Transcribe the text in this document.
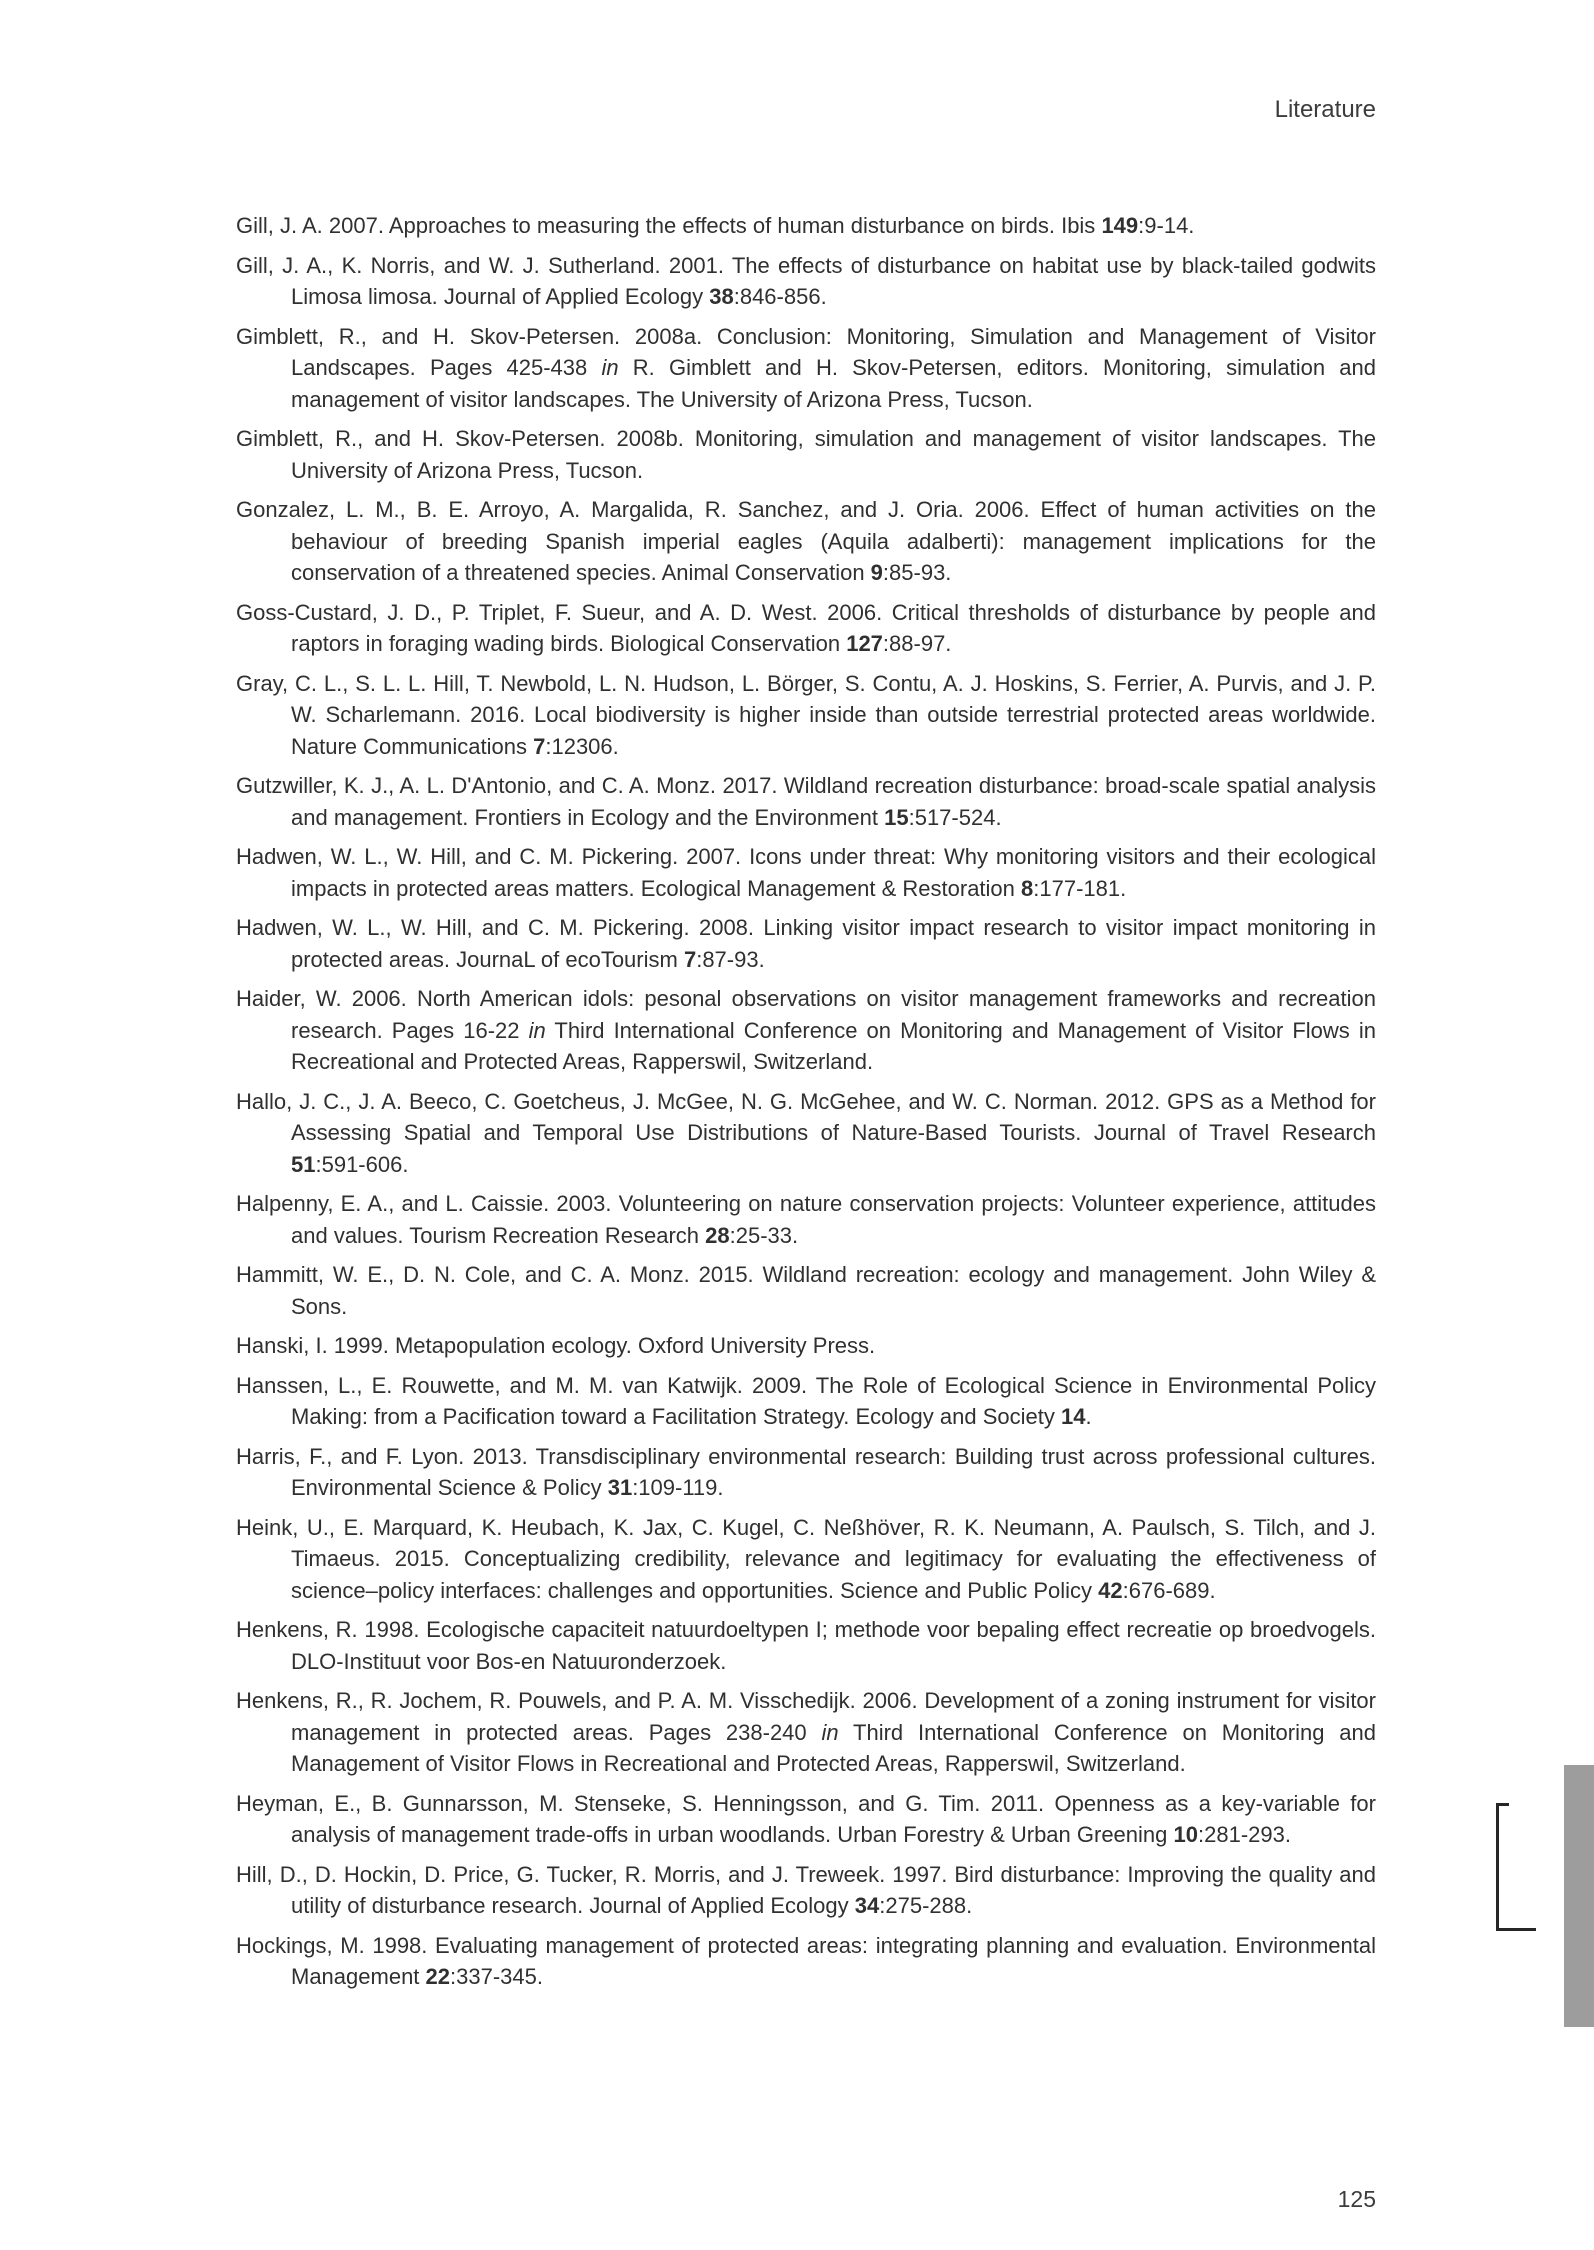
Literature

Gill, J. A. 2007. Approaches to measuring the effects of human disturbance on birds. Ibis 149:9-14.

Gill, J. A., K. Norris, and W. J. Sutherland. 2001. The effects of disturbance on habitat use by black-tailed godwits Limosa limosa. Journal of Applied Ecology 38:846-856.

Gimblett, R., and H. Skov-Petersen. 2008a. Conclusion: Monitoring, Simulation and Management of Visitor Landscapes. Pages 425-438 in R. Gimblett and H. Skov-Petersen, editors. Monitoring, simulation and management of visitor landscapes. The University of Arizona Press, Tucson.

Gimblett, R., and H. Skov-Petersen. 2008b. Monitoring, simulation and management of visitor landscapes. The University of Arizona Press, Tucson.

Gonzalez, L. M., B. E. Arroyo, A. Margalida, R. Sanchez, and J. Oria. 2006. Effect of human activities on the behaviour of breeding Spanish imperial eagles (Aquila adalberti): management implications for the conservation of a threatened species. Animal Conservation 9:85-93.

Goss-Custard, J. D., P. Triplet, F. Sueur, and A. D. West. 2006. Critical thresholds of disturbance by people and raptors in foraging wading birds. Biological Conservation 127:88-97.

Gray, C. L., S. L. L. Hill, T. Newbold, L. N. Hudson, L. Börger, S. Contu, A. J. Hoskins, S. Ferrier, A. Purvis, and J. P. W. Scharlemann. 2016. Local biodiversity is higher inside than outside terrestrial protected areas worldwide. Nature Communications 7:12306.

Gutzwiller, K. J., A. L. D'Antonio, and C. A. Monz. 2017. Wildland recreation disturbance: broad-scale spatial analysis and management. Frontiers in Ecology and the Environment 15:517-524.

Hadwen, W. L., W. Hill, and C. M. Pickering. 2007. Icons under threat: Why monitoring visitors and their ecological impacts in protected areas matters. Ecological Management & Restoration 8:177-181.

Hadwen, W. L., W. Hill, and C. M. Pickering. 2008. Linking visitor impact research to visitor impact monitoring in protected areas. JournaL of ecoTourism 7:87-93.

Haider, W. 2006. North American idols: pesonal observations on visitor management frameworks and recreation research. Pages 16-22 in Third International Conference on Monitoring and Management of Visitor Flows in Recreational and Protected Areas, Rapperswil, Switzerland.

Hallo, J. C., J. A. Beeco, C. Goetcheus, J. McGee, N. G. McGehee, and W. C. Norman. 2012. GPS as a Method for Assessing Spatial and Temporal Use Distributions of Nature-Based Tourists. Journal of Travel Research 51:591-606.

Halpenny, E. A., and L. Caissie. 2003. Volunteering on nature conservation projects: Volunteer experience, attitudes and values. Tourism Recreation Research 28:25-33.

Hammitt, W. E., D. N. Cole, and C. A. Monz. 2015. Wildland recreation: ecology and management. John Wiley & Sons.

Hanski, I. 1999. Metapopulation ecology. Oxford University Press.

Hanssen, L., E. Rouwette, and M. M. van Katwijk. 2009. The Role of Ecological Science in Environmental Policy Making: from a Pacification toward a Facilitation Strategy. Ecology and Society 14.

Harris, F., and F. Lyon. 2013. Transdisciplinary environmental research: Building trust across professional cultures. Environmental Science & Policy 31:109-119.

Heink, U., E. Marquard, K. Heubach, K. Jax, C. Kugel, C. Neßhöver, R. K. Neumann, A. Paulsch, S. Tilch, and J. Timaeus. 2015. Conceptualizing credibility, relevance and legitimacy for evaluating the effectiveness of science–policy interfaces: challenges and opportunities. Science and Public Policy 42:676-689.

Henkens, R. 1998. Ecologische capaciteit natuurdoeltypen I; methode voor bepaling effect recreatie op broedvogels. DLO-Instituut voor Bos-en Natuuronderzoek.

Henkens, R., R. Jochem, R. Pouwels, and P. A. M. Visschedijk. 2006. Development of a zoning instrument for visitor management in protected areas. Pages 238-240 in Third International Conference on Monitoring and Management of Visitor Flows in Recreational and Protected Areas, Rapperswil, Switzerland.

Heyman, E., B. Gunnarsson, M. Stenseke, S. Henningsson, and G. Tim. 2011. Openness as a key-variable for analysis of management trade-offs in urban woodlands. Urban Forestry & Urban Greening 10:281-293.

Hill, D., D. Hockin, D. Price, G. Tucker, R. Morris, and J. Treweek. 1997. Bird disturbance: Improving the quality and utility of disturbance research. Journal of Applied Ecology 34:275-288.

Hockings, M. 1998. Evaluating management of protected areas: integrating planning and evaluation. Environmental Management 22:337-345.

125
